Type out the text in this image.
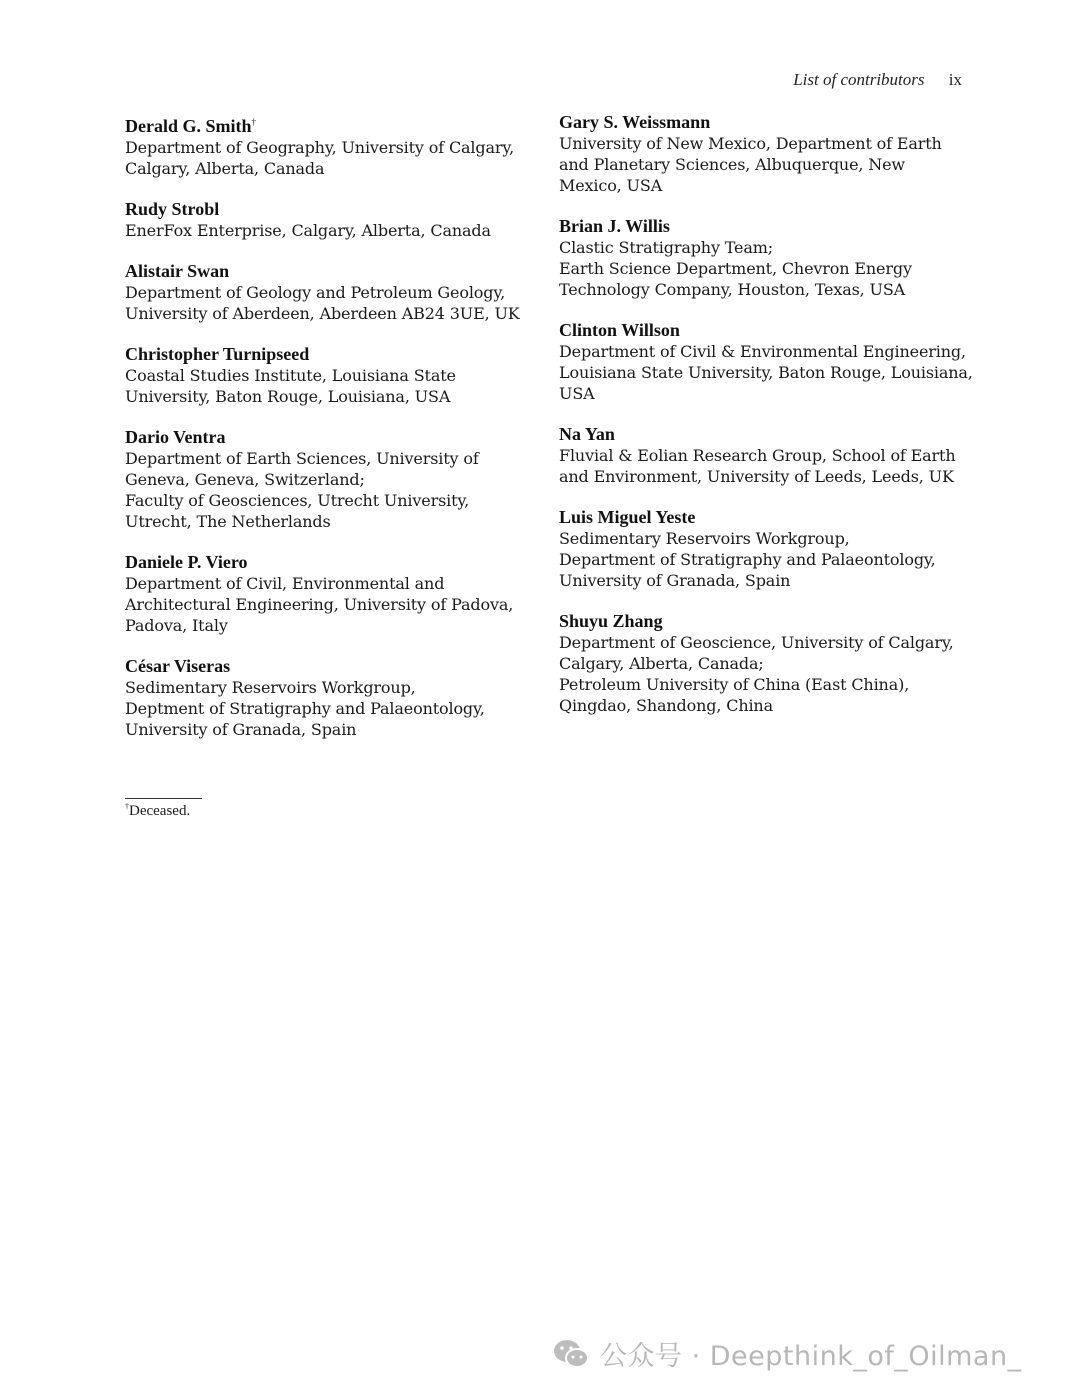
List of contributors ix
Derald G. Smith†
Department of Geography, University of Calgary,
Calgary, Alberta, Canada
Rudy Strobl
EnerFox Enterprise, Calgary, Alberta, Canada
Alistair Swan
Department of Geology and Petroleum Geology,
University of Aberdeen, Aberdeen AB24 3UE, UK
Christopher Turnipseed
Coastal Studies Institute, Louisiana State
University, Baton Rouge, Louisiana, USA
Dario Ventra
Department of Earth Sciences, University of
Geneva, Geneva, Switzerland;
Faculty of Geosciences, Utrecht University,
Utrecht, The Netherlands
Daniele P. Viero
Department of Civil, Environmental and
Architectural Engineering, University of Padova,
Padova, Italy
César Viseras
Sedimentary Reservoirs Workgroup,
Deptment of Stratigraphy and Palaeontology,
University of Granada, Spain
Gary S. Weissmann
University of New Mexico, Department of Earth
and Planetary Sciences, Albuquerque, New
Mexico, USA
Brian J. Willis
Clastic Stratigraphy Team;
Earth Science Department, Chevron Energy
Technology Company, Houston, Texas, USA
Clinton Willson
Department of Civil & Environmental Engineering,
Louisiana State University, Baton Rouge, Louisiana,
USA
Na Yan
Fluvial & Eolian Research Group, School of Earth
and Environment, University of Leeds, Leeds, UK
Luis Miguel Yeste
Sedimentary Reservoirs Workgroup,
Department of Stratigraphy and Palaeontology,
University of Granada, Spain
Shuyu Zhang
Department of Geoscience, University of Calgary,
Calgary, Alberta, Canada;
Petroleum University of China (East China),
Qingdao, Shandong, China
†Deceased.
公众号 · Deepthink_of_Oilman_
